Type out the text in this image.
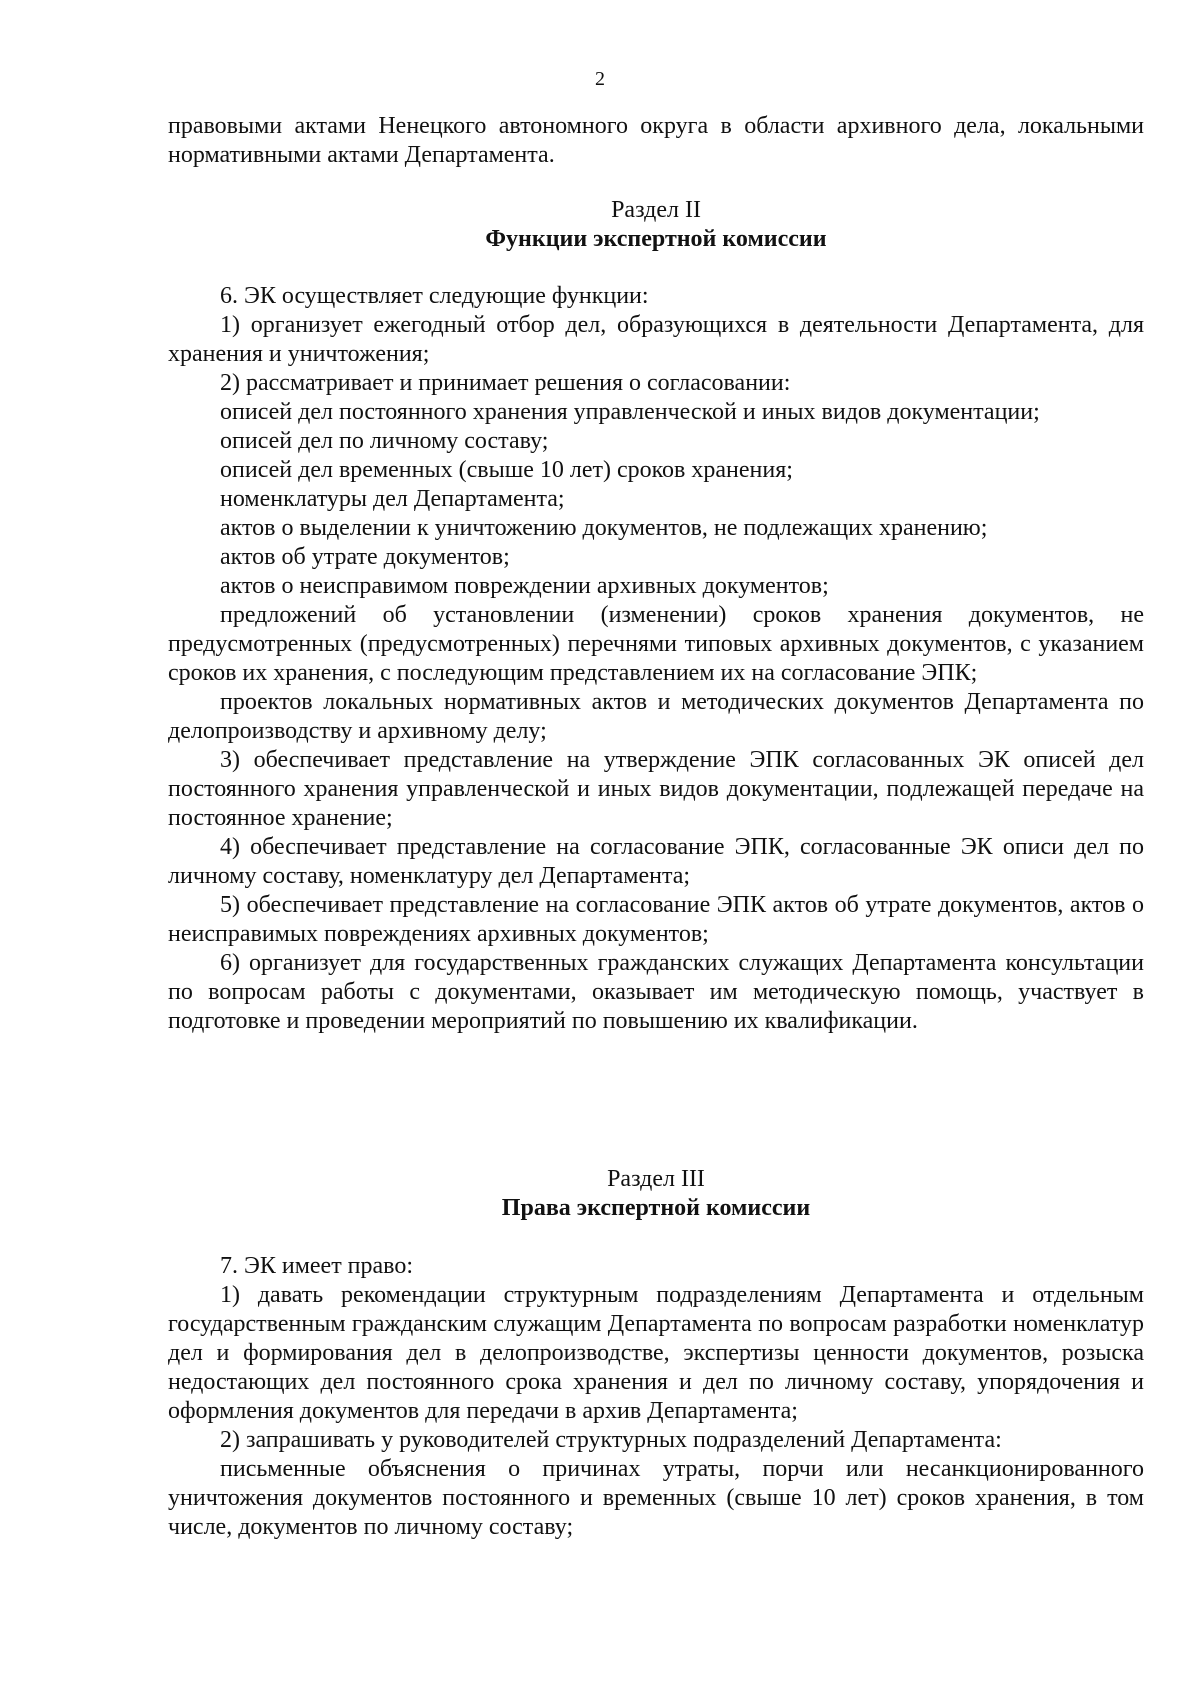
2

правовыми актами Ненецкого автономного округа в области архивного дела, локальными нормативными актами Департамента.

Раздел II

Функции экспертной комиссии

6. ЭК осуществляет следующие функции:

1) организует ежегодный отбор дел, образующихся в деятельности Департамента, для хранения и уничтожения;

2) рассматривает и принимает решения о согласовании:

описей дел постоянного хранения управленческой и иных видов документации;

описей дел по личному составу;

описей дел временных (свыше 10 лет) сроков хранения;

номенклатуры дел Департамента;

актов о выделении к уничтожению документов, не подлежащих хранению;

актов об утрате документов;

актов о неисправимом повреждении архивных документов;

предложений об установлении (изменении) сроков хранения документов, не предусмотренных (предусмотренных) перечнями типовых архивных документов, с указанием сроков их хранения, с последующим представлением их на согласование ЭПК;

проектов локальных нормативных актов и методических документов Департамента по делопроизводству и архивному делу;

3) обеспечивает представление на утверждение ЭПК согласованных ЭК описей дел постоянного хранения управленческой и иных видов документации, подлежащей передаче на постоянное хранение;

4) обеспечивает представление на согласование ЭПК, согласованные ЭК описи дел по личному составу, номенклатуру дел Департамента;

5) обеспечивает представление на согласование ЭПК актов об утрате документов, актов о неисправимых повреждениях архивных документов;

6) организует для государственных гражданских служащих Департамента консультации по вопросам работы с документами, оказывает им методическую помощь, участвует в подготовке и проведении мероприятий по повышению их квалификации.

Раздел III

Права экспертной комиссии

7. ЭК имеет право:

1) давать рекомендации структурным подразделениям Департамента и отдельным государственным гражданским служащим Департамента по вопросам разработки номенклатур дел и формирования дел в делопроизводстве, экспертизы ценности документов, розыска недостающих дел постоянного срока хранения и дел по личному составу, упорядочения и оформления документов для передачи в архив Департамента;

2) запрашивать у руководителей структурных подразделений Департамента:

письменные объяснения о причинах утраты, порчи или несанкционированного уничтожения документов постоянного и временных (свыше 10 лет) сроков хранения, в том числе, документов по личному составу;
